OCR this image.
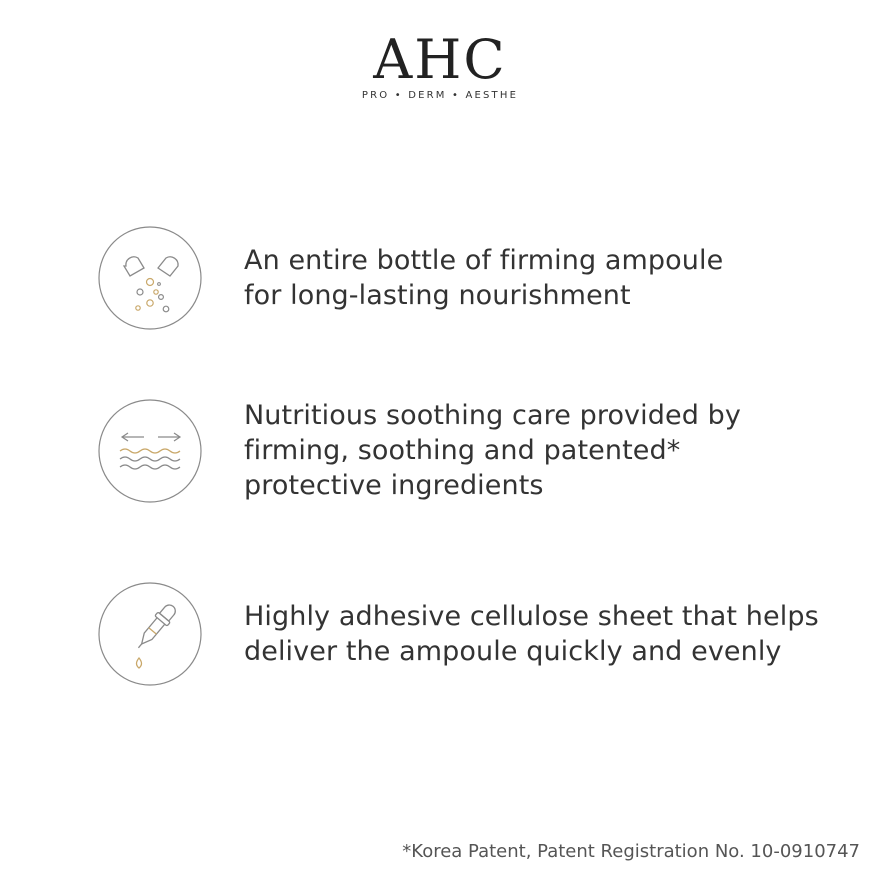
AHC
PRO • DERM • AESTHE
An entire bottle of firming ampoule
for long-lasting nourishment
Nutritious soothing care provided by
firming, soothing and patented*
protective ingredients
Highly adhesive cellulose sheet that helps
deliver the ampoule quickly and evenly
*Korea Patent, Patent Registration No. 10-0910747
